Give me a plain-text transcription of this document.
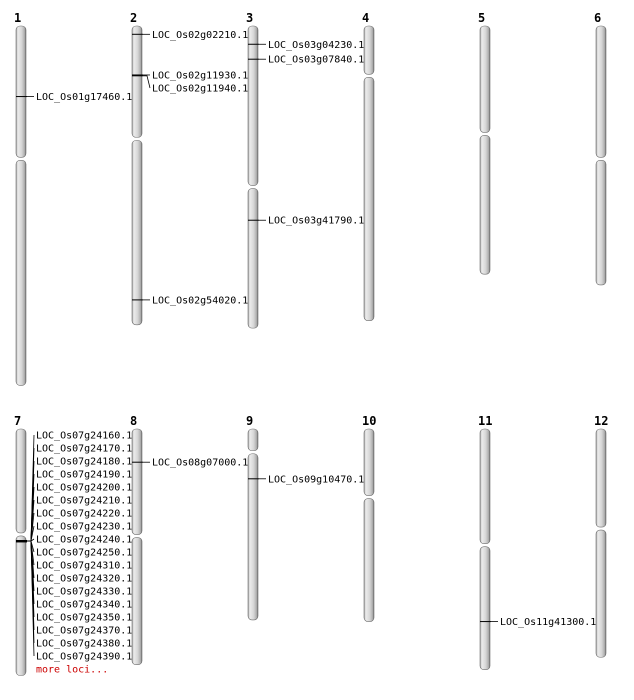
1
LOC_Os01g17460.1
2
LOC_Os02g02210.1
LOC_Os02g11930.1
LOC_Os02g11940.1
LOC_Os02g54020.1
3
LOC_Os03g04230.1
LOC_Os03g07840.1
LOC_Os03g41790.1
4	5	6
7
LOC_Os07g24160.1
LOC_Os07g24170.1
LOC_Os07g24180.1
LOC_Os07g24190.1
LOC_Os07g24200.1
LOC_Os07g24210.1
LOC_Os07g24220.1
LOC_Os07g24230.1
LOC_Os07g24240.1
LOC_Os07g24250.1
LOC_Os07g24310.1
LOC_Os07g24320.1
LOC_Os07g24330.1
LOC_Os07g24340.1
LOC_Os07g24350.1
LOC_Os07g24370.1
LOC_Os07g24380.1
LOC_Os07g24390.1
more loci...
8
LOC_Os08g07000.1
9
LOC_Os09g10470.1
10	11
LOC_Os11g41300.1
12
